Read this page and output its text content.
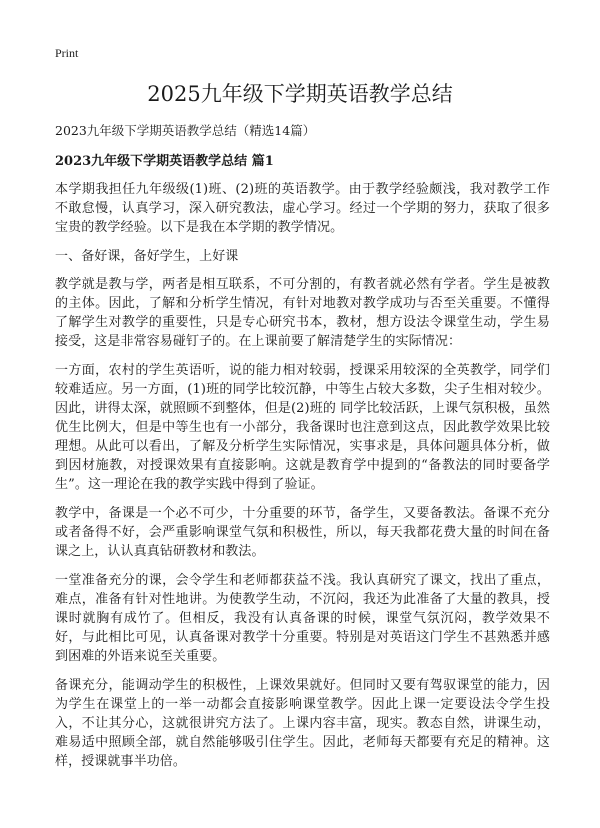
Print
2025九年级下学期英语教学总结

2023九年级下学期英语教学总结（精选14篇）

2023九年级下学期英语教学总结 篇1

本学期我担任九年级级(1)班、(2)班的英语教学。由于教学经验颇浅，我对教学工作不敢怠慢，认真学习，深入研究教法，虚心学习。经过一个学期的努力，获取了很多宝贵的教学经验。以下是我在本学期的教学情况。

一、备好课，备好学生，上好课

教学就是教与学，两者是相互联系，不可分割的，有教者就必然有学者。学生是被教的主体。因此，了解和分析学生情况，有针对地教对教学成功与否至关重要。不懂得了解学生对教学的重要性，只是专心研究书本，教材，想方设法令课堂生动，学生易接受，这是非常容易碰钉子的。在上课前要了解清楚学生的实际情况：

一方面，农村的学生英语听，说的能力相对较弱，授课采用较深的全英教学，同学们较难适应。另一方面，(1)班的同学比较沉静，中等生占较大多数，尖子生相对较少。因此，讲得太深，就照顾不到整体，但是(2)班的 同学比较活跃，上课气氛积极，虽然优生比例大，但是中等生也有一小部分，我备课时也注意到这点，因此教学效果比较理想。从此可以看出，了解及分析学生实际情况，实事求是，具体问题具体分析，做到因材施教，对授课效果有直接影响。这就是教育学中提到的“备教法的同时要备学生”。这一理论在我的教学实践中得到了验证。

教学中，备课是一个必不可少，十分重要的环节，备学生，又要备教法。备课不充分或者备得不好，会严重影响课堂气氛和积极性，所以，每天我都花费大量的时间在备课之上，认认真真钻研教材和教法。

一堂准备充分的课，会令学生和老师都获益不浅。我认真研究了课文，找出了重点，难点，准备有针对性地讲。为使教学生动，不沉闷，我还为此准备了大量的教具，授课时就胸有成竹了。但相反，我没有认真备课的时候，课堂气氛沉闷，教学效果不好，与此相比可见，认真备课对教学十分重要。特别是对英语这门学生不甚熟悉并感到困难的外语来说至关重要。

备课充分，能调动学生的积极性，上课效果就好。但同时又要有驾驭课堂的能力，因为学生在课堂上的一举一动都会直接影响课堂教学。因此上课一定要设法令学生投入，不让其分心，这就很讲究方法了。上课内容丰富，现实。教态自然，讲课生动，难易适中照顾全部，就自然能够吸引住学生。因此，老师每天都要有充足的精神。这样，授课就事半功倍。
